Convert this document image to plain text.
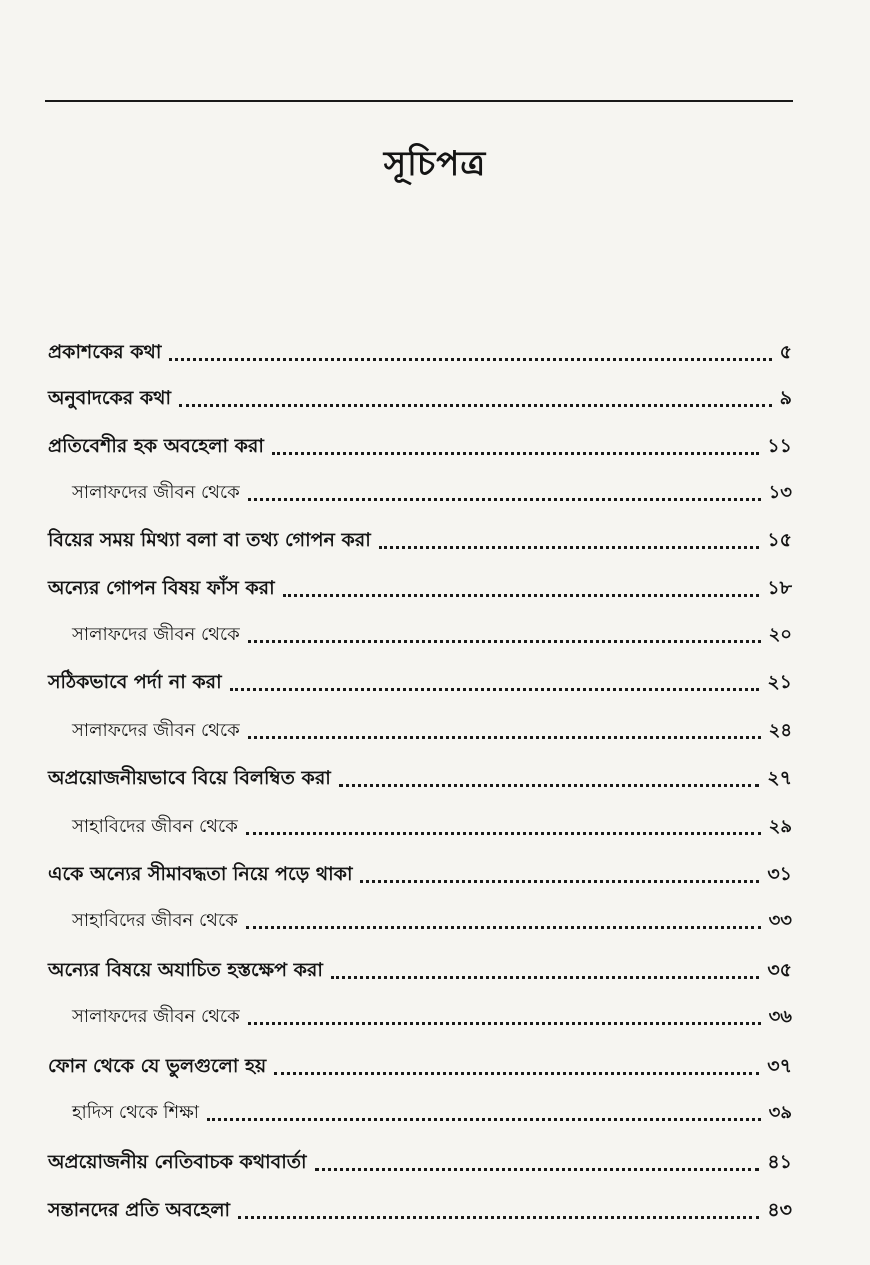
সূচিপত্র
প্রকাশকের কথা	৫
অনুবাদকের কথা	৯
প্রতিবেশীর হক অবহেলা করা	১১
সালাফদের জীবন থেকে	১৩
বিয়ের সময় মিথ্যা বলা বা তথ্য গোপন করা	১৫
অন্যের গোপন বিষয় ফাঁস করা	১৮
সালাফদের জীবন থেকে	২০
সঠিকভাবে পর্দা না করা	২১
সালাফদের জীবন থেকে	২৪
অপ্রয়োজনীয়ভাবে বিয়ে বিলম্বিত করা	২৭
সাহাবিদের জীবন থেকে	২৯
একে অন্যের সীমাবদ্ধতা নিয়ে পড়ে থাকা	৩১
সাহাবিদের জীবন থেকে	৩৩
অন্যের বিষয়ে অযাচিত হস্তক্ষেপ করা	৩৫
সালাফদের জীবন থেকে	৩৬
ফোন থেকে যে ভুলগুলো হয়	৩৭
হাদিস থেকে শিক্ষা	৩৯
অপ্রয়োজনীয় নেতিবাচক কথাবার্তা	৪১
সন্তানদের প্রতি অবহেলা	৪৩
